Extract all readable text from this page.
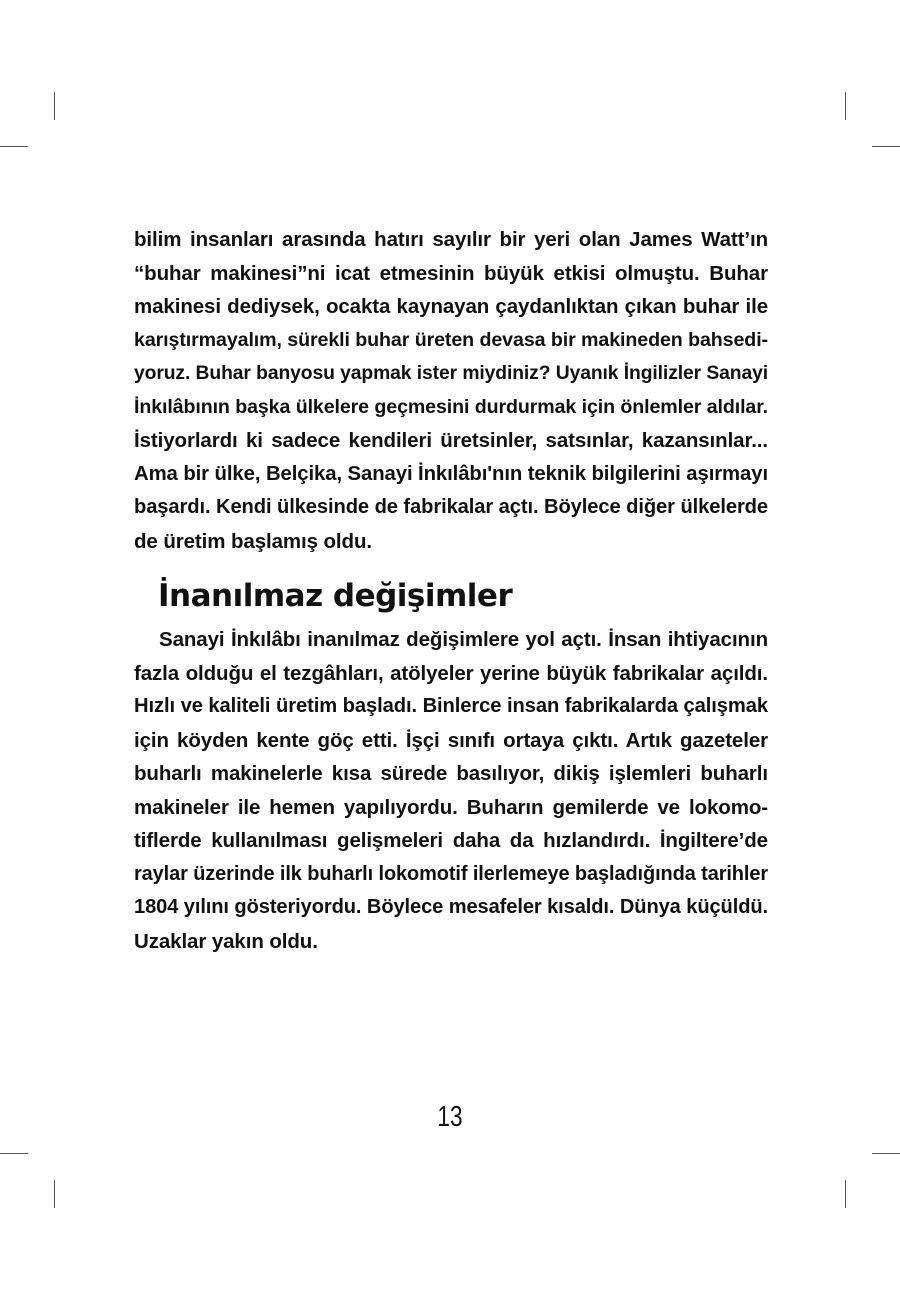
bilim insanları arasında hatırı sayılır bir yeri olan James Watt’ın
“buhar makinesi”ni icat etmesinin büyük etkisi olmuştu. Buhar
makinesi dediysek, ocakta kaynayan çaydanlıktan çıkan buhar ile
karıştırmayalım, sürekli buhar üreten devasa bir makineden bahsedi-
yoruz. Buhar banyosu yapmak ister miydiniz? Uyanık İngilizler Sanayi
İnkılâbının başka ülkelere geçmesini durdurmak için önlemler aldılar.
İstiyorlardı ki sadece kendileri üretsinler, satsınlar, kazansınlar...
Ama bir ülke, Belçika, Sanayi İnkılâbı'nın teknik bilgilerini aşırmayı
başardı. Kendi ülkesinde de fabrikalar açtı. Böylece diğer ülkelerde
de üretim başlamış oldu.
İnanılmaz değişimler
Sanayi İnkılâbı inanılmaz değişimlere yol açtı. İnsan ihtiyacının
fazla olduğu el tezgâhları, atölyeler yerine büyük fabrikalar açıldı.
Hızlı ve kaliteli üretim başladı. Binlerce insan fabrikalarda çalışmak
için köyden kente göç etti. İşçi sınıfı ortaya çıktı. Artık gazeteler
buharlı makinelerle kısa sürede basılıyor, dikiş işlemleri buharlı
makineler ile hemen yapılıyordu. Buharın gemilerde ve lokomo-
tiflerde kullanılması gelişmeleri daha da hızlandırdı. İngiltere’de
raylar üzerinde ilk buharlı lokomotif ilerlemeye başladığında tarihler
1804 yılını gösteriyordu. Böylece mesafeler kısaldı. Dünya küçüldü.
Uzaklar yakın oldu.
13
